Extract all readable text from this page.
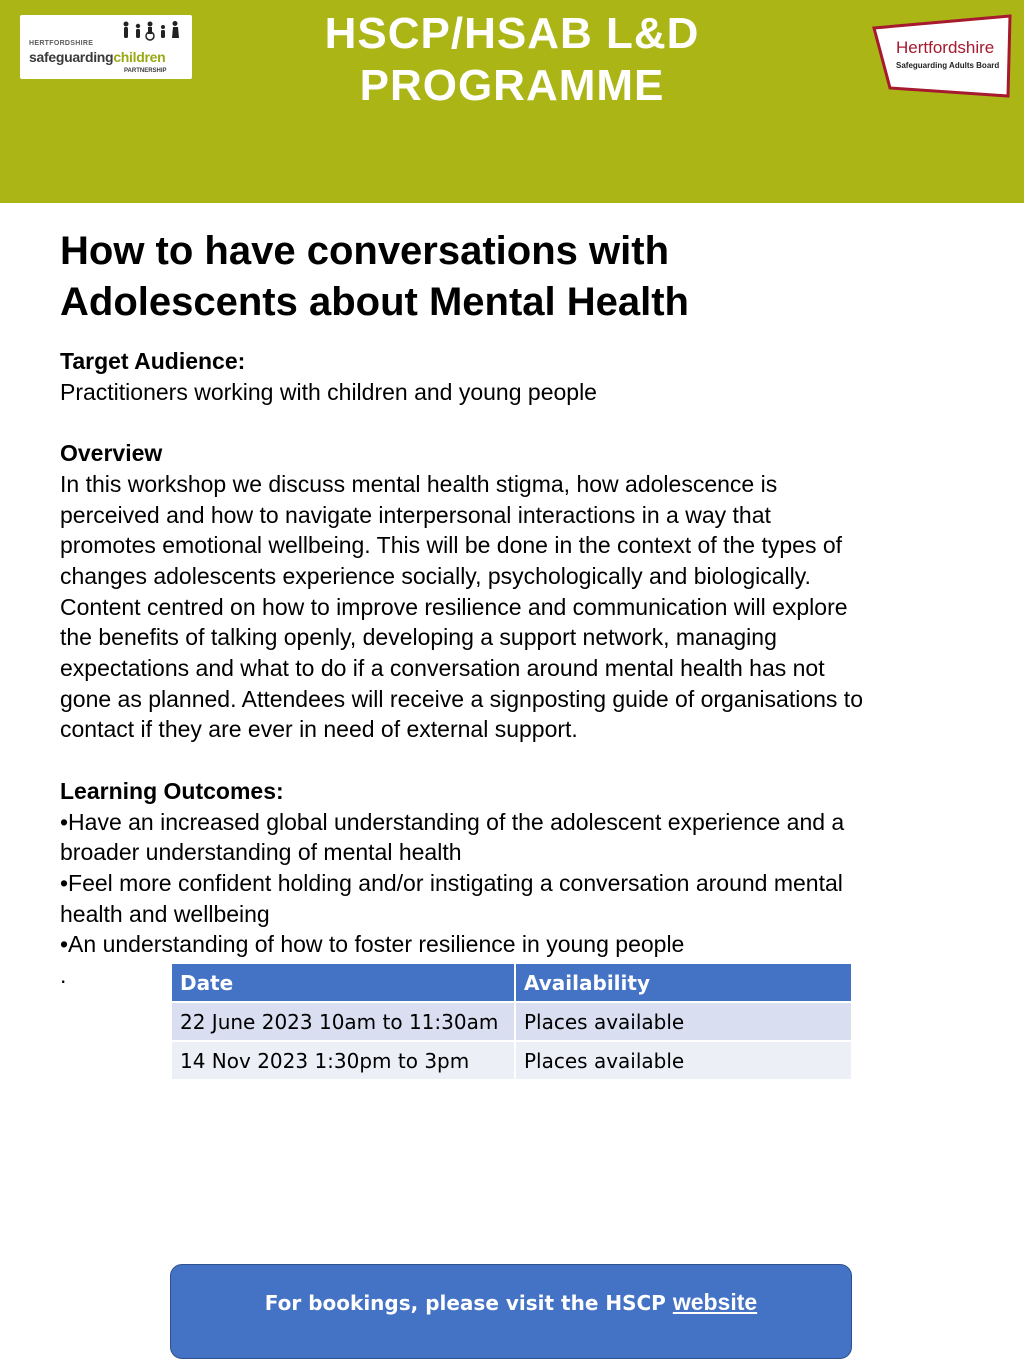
HERTFORDSHIRE
safeguardingchildren
PARTNERSHIP
HSCP/HSAB L&D
PROGRAMME
Hertfordshire
Safeguarding Adults Board
How to have conversations with
Adolescents about Mental Health

Target Audience:

Practitioners working with children and young people

Overview

In this workshop we discuss mental health stigma, how adolescence is

perceived and how to navigate interpersonal interactions in a way that

promotes emotional wellbeing. This will be done in the context of the types of

changes adolescents experience socially, psychologically and biologically.

Content centred on how to improve resilience and communication will explore

the benefits of talking openly, developing a support network, managing

expectations and what to do if a conversation around mental health has not

gone as planned. Attendees will receive a signposting guide of organisations to

contact if they are ever in need of external support.

Learning Outcomes:

•Have an increased global understanding of the adolescent experience and a

broader understanding of mental health

•Feel more confident holding and/or instigating a conversation around mental

health and wellbeing

•An understanding of how to foster resilience in young people

.	Date	Availability
22 June 2023 10am to 11:30am	Places available
14 Nov 2023 1:30pm to 3pm	Places available
For bookings, please visit the HSCP website
